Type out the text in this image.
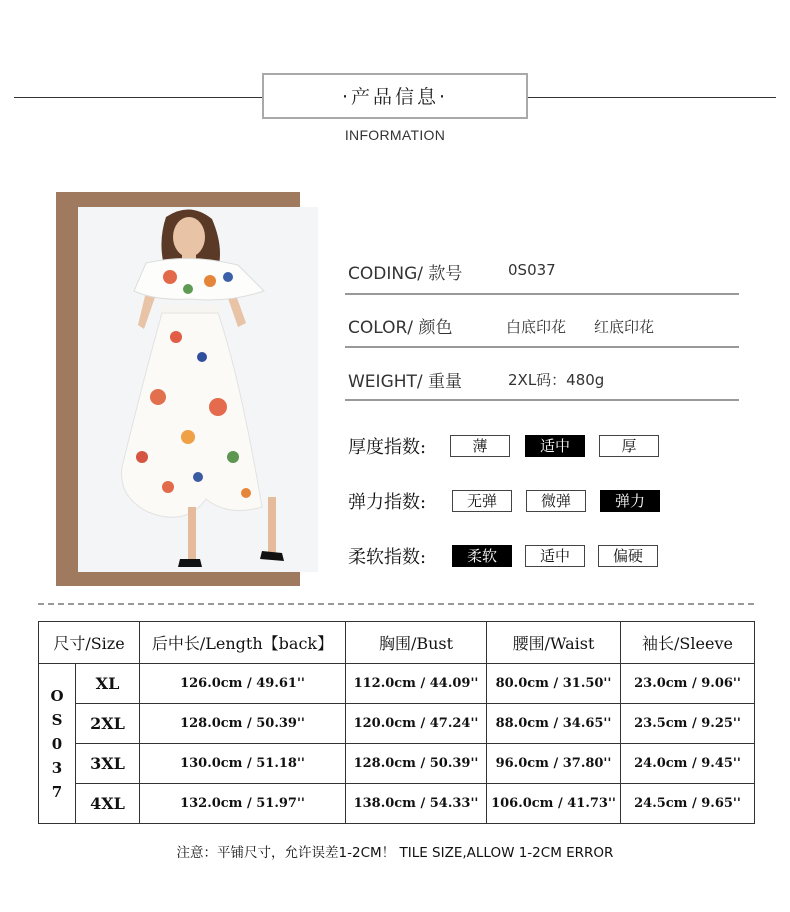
·产品信息·
INFORMATION
CODING/ 款号	0S037
COLOR/ 颜色	白底印花 红底印花
WEIGHT/ 重量	2XL码：480g
厚度指数:	薄	适中	厚
弹力指数:	无弹	微弹	弹力
柔软指数:	柔软	适中	偏硬
尺寸/Size		后中长/Length【back】	胸围/Bust	腰围/Waist	袖长/Sleeve

OS037	XL	126.0cm / 49.61''	112.0cm / 44.09''	80.0cm / 31.50''	23.0cm / 9.06''
	2XL	128.0cm / 50.39''	120.0cm / 47.24''	88.0cm / 34.65''	23.5cm / 9.25''
	3XL	130.0cm / 51.18''	128.0cm / 50.39''	96.0cm / 37.80''	24.0cm / 9.45''
	4XL	132.0cm / 51.97''	138.0cm / 54.33''	106.0cm / 41.73''	24.5cm / 9.65''
注意：平铺尺寸，允许误差1-2CM！ TILE SIZE,ALLOW 1-2CM ERROR
